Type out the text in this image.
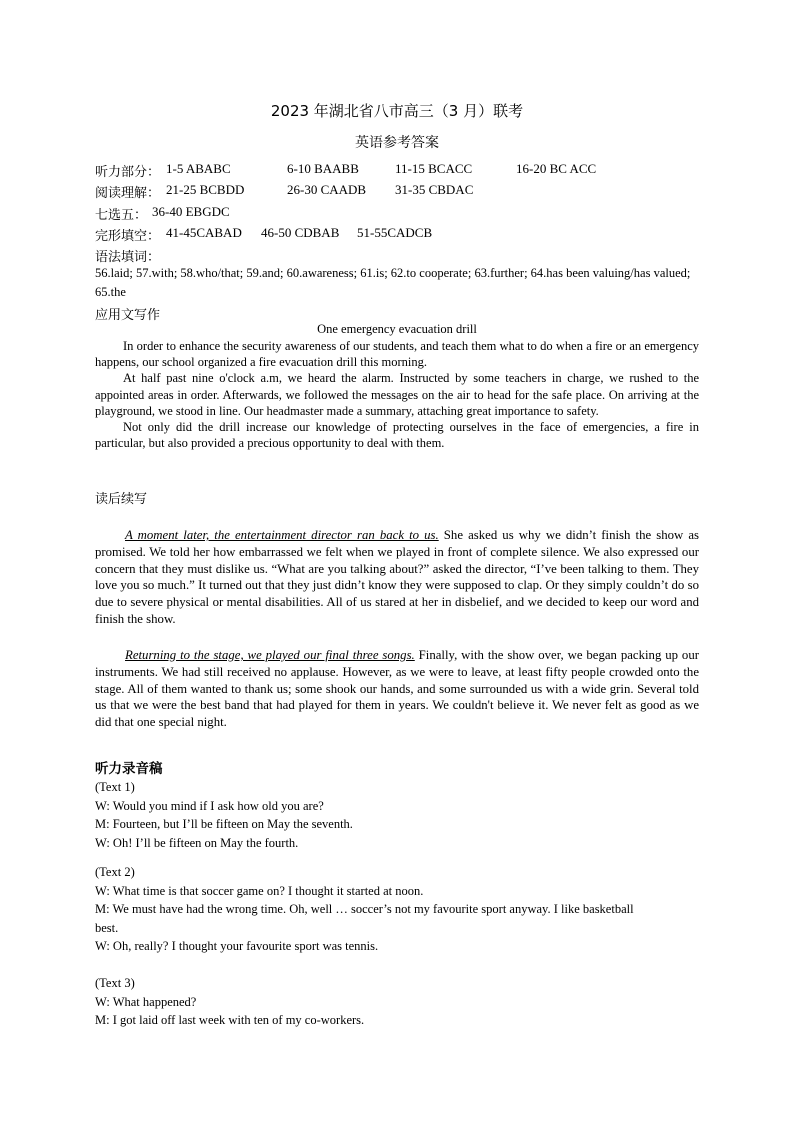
2023 年湖北省八市高三（3 月）联考
英语参考答案
听力部分： 1-5 ABABC	6-10 BAABB	11-15 BCACC	16-20 BC ACC
阅读理解： 21-25 BCBDD	26-30 CAADB 31-35 CBDAC
七选五： 36-40 EBGDC
完形填空： 41-45CABAD 46-50 CDBAB 51-55CADCB
语法填词：
56.laid; 57.with; 58.who/that; 59.and; 60.awareness; 61.is; 62.to cooperate; 63.further; 64.has been valuing/has valued; 65.the
应用文写作
One emergency evacuation drill

In order to enhance the security awareness of our students, and teach them what to do when a fire or an emergency happens, our school organized a fire evacuation drill this morning.

At half past nine o'clock a.m, we heard the alarm. Instructed by some teachers in charge, we rushed to the appointed areas in order. Afterwards, we followed the messages on the air to head for the safe place. On arriving at the playground, we stood in line. Our headmaster made a summary, attaching great importance to safety.

Not only did the drill increase our knowledge of protecting ourselves in the face of emergencies, a fire in particular, but also provided a precious opportunity to deal with them.

读后续写

A moment later, the entertainment director ran back to us. She asked us why we didn’t finish the show as promised. We told her how embarrassed we felt when we played in front of complete silence. We also expressed our concern that they must dislike us. “What are you talking about?” asked the director, “I’ve been talking to them. They love you so much.” It turned out that they just didn’t know they were supposed to clap. Or they simply couldn’t do so due to severe physical or mental disabilities. All of us stared at her in disbelief, and we decided to keep our word and finish the show.

Returning to the stage, we played our final three songs. Finally, with the show over, we began packing up our instruments. We had still received no applause. However, as we were to leave, at least fifty people crowded onto the stage. All of them wanted to thank us; some shook our hands, and some surrounded us with a wide grin. Several told us that we were the best band that had played for them in years. We couldn't believe it. We never felt as good as we did that one special night.

听力录音稿
(Text 1)
W: Would you mind if I ask how old you are?
M: Fourteen, but I’ll be fifteen on May the seventh.
W: Oh! I’ll be fifteen on May the fourth.
(Text 2)
W: What time is that soccer game on? I thought it started at noon.
M: We must have had the wrong time. Oh, well … soccer’s not my favourite sport anyway. I like basketball best.
W: Oh, really? I thought your favourite sport was tennis.
(Text 3)
W: What happened?
M: I got laid off last week with ten of my co-workers.
